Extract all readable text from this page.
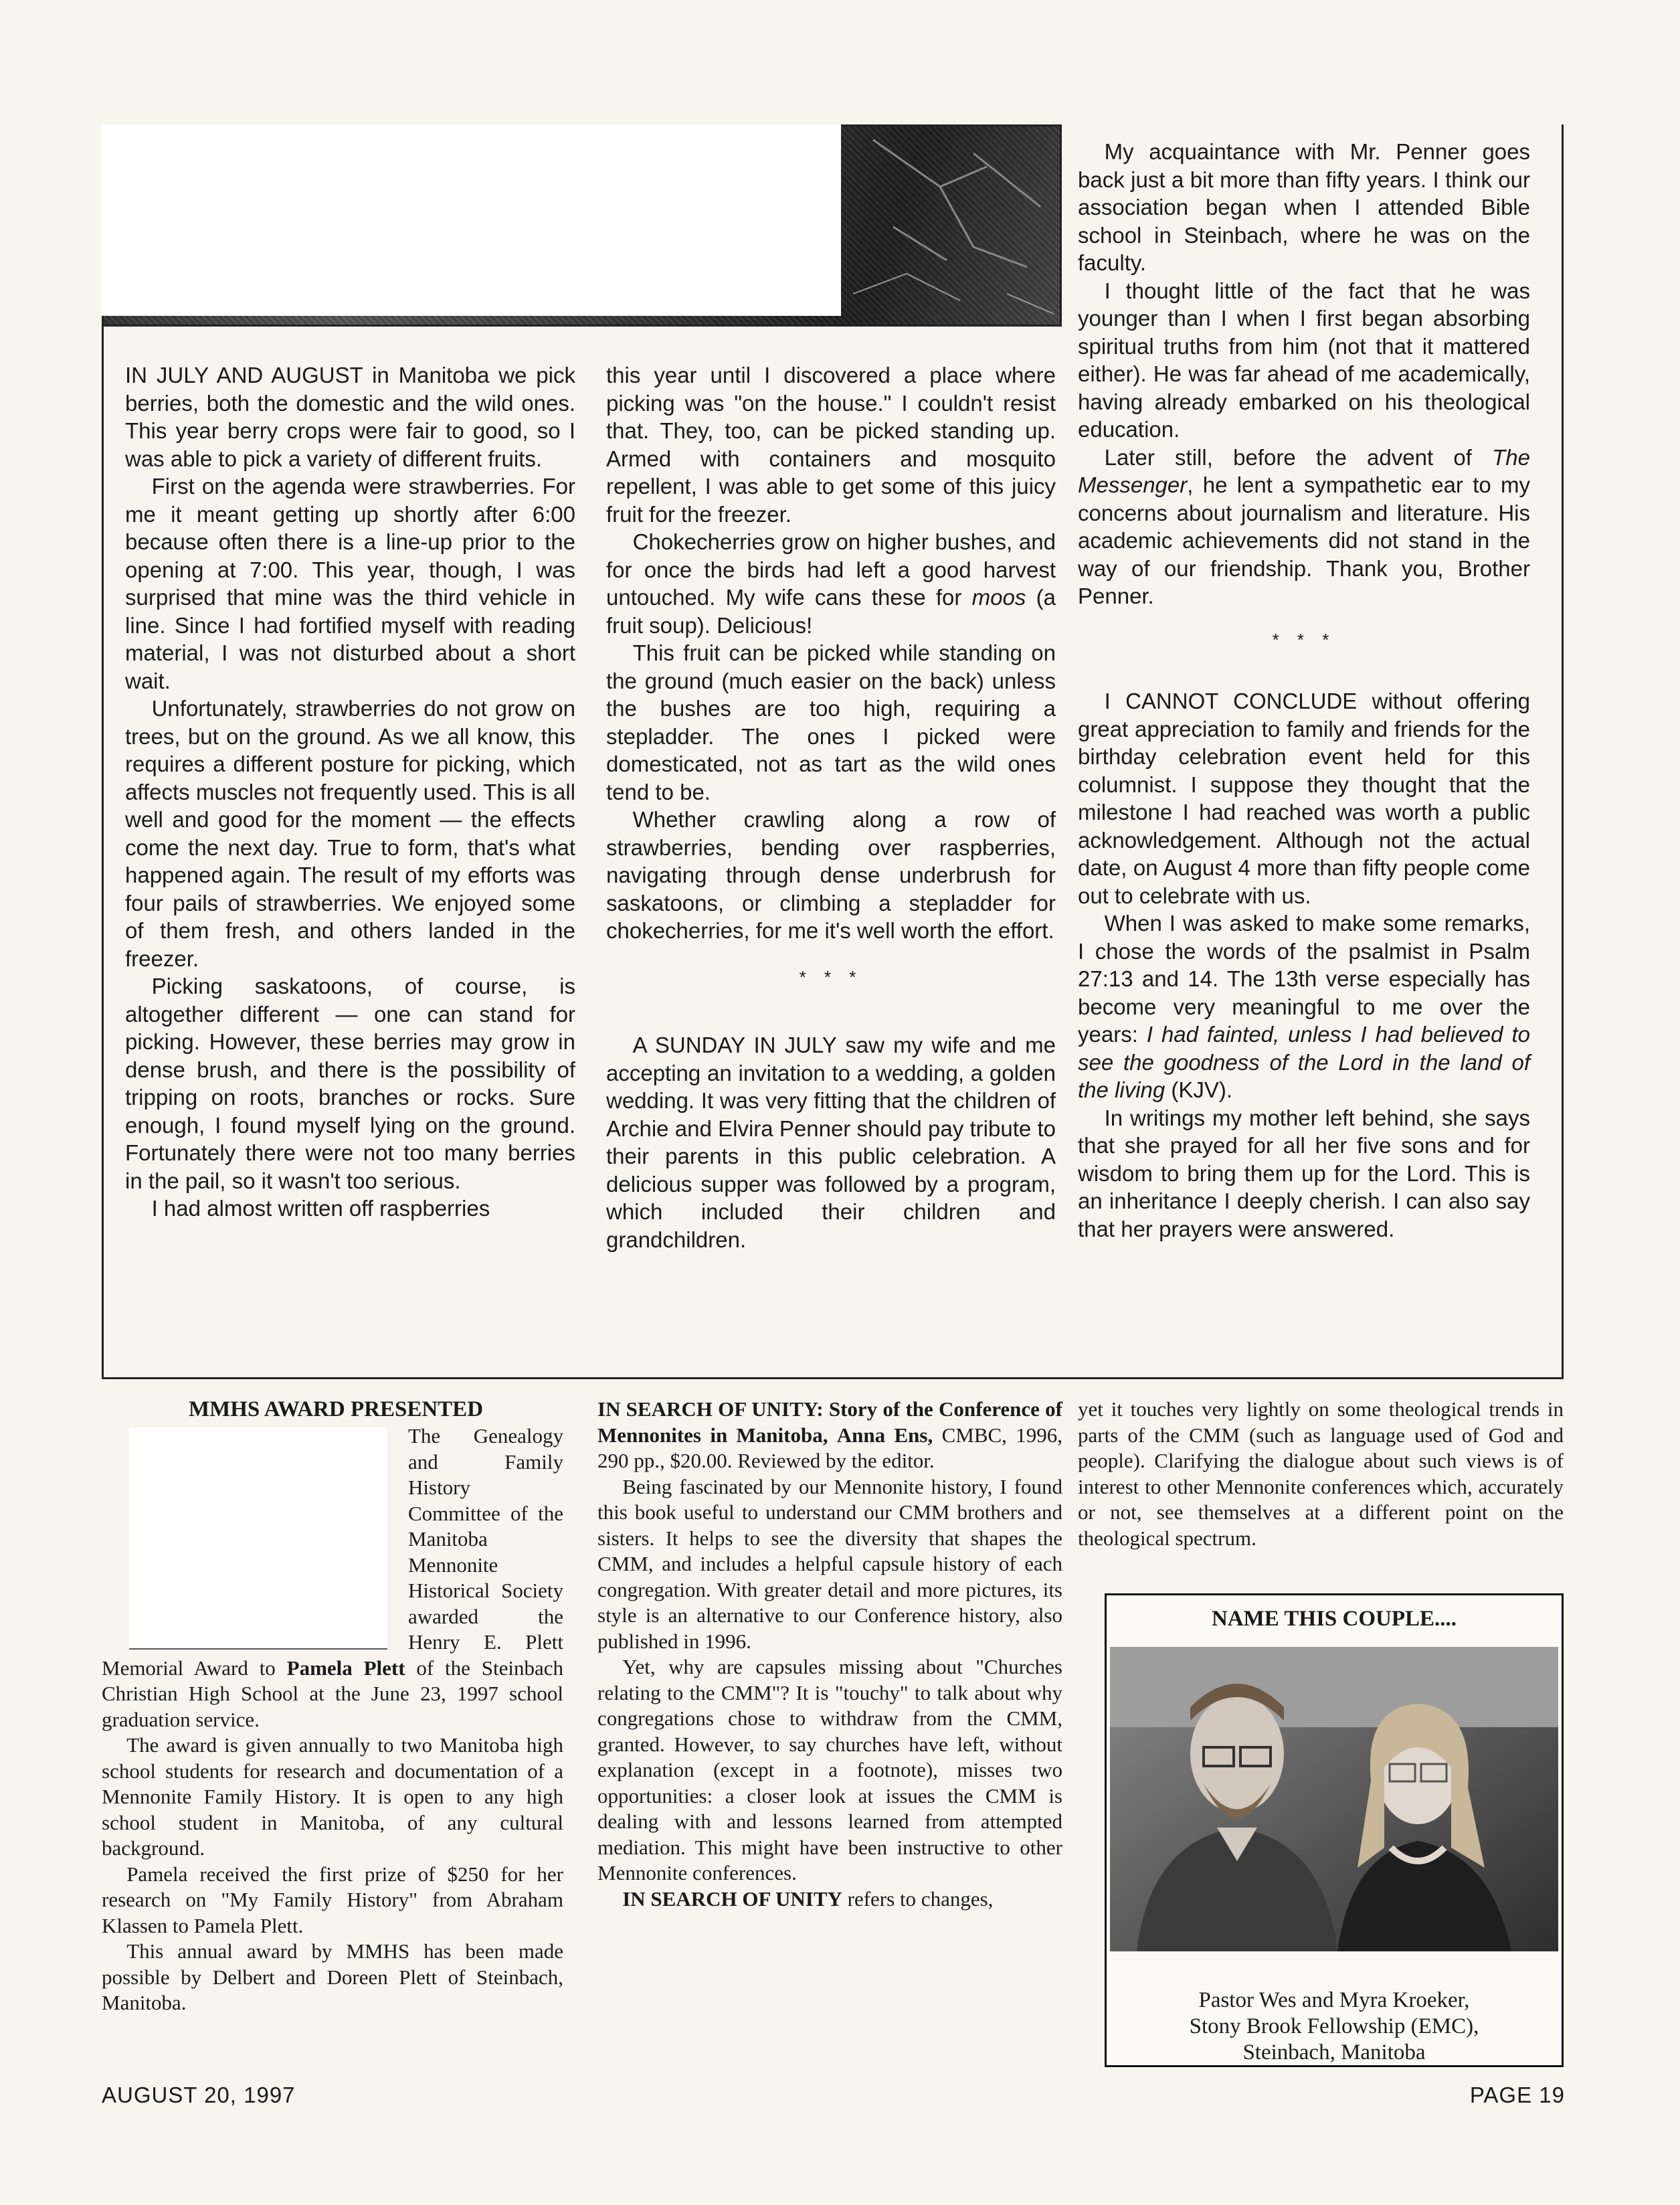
IN JULY AND AUGUST in Manitoba we pick berries, both the domestic and the wild ones. This year berry crops were fair to good, so I was able to pick a variety of different fruits.

First on the agenda were strawberries. For me it meant getting up shortly after 6:00 because often there is a line-up prior to the opening at 7:00. This year, though, I was surprised that mine was the third vehicle in line. Since I had fortified myself with reading material, I was not disturbed about a short wait.

Unfortunately, strawberries do not grow on trees, but on the ground. As we all know, this requires a different posture for picking, which affects muscles not frequently used. This is all well and good for the moment — the effects come the next day. True to form, that's what happened again. The result of my efforts was four pails of strawberries. We enjoyed some of them fresh, and others landed in the freezer.

Picking saskatoons, of course, is altogether different — one can stand for picking. However, these berries may grow in dense brush, and there is the possibility of tripping on roots, branches or rocks. Sure enough, I found myself lying on the ground. Fortunately there were not too many berries in the pail, so it wasn't too serious.

I had almost written off raspberries

this year until I discovered a place where picking was "on the house." I couldn't resist that. They, too, can be picked standing up. Armed with containers and mosquito repellent, I was able to get some of this juicy fruit for the freezer.

Chokecherries grow on higher bushes, and for once the birds had left a good harvest untouched. My wife cans these for moos (a fruit soup). Delicious!

This fruit can be picked while standing on the ground (much easier on the back) unless the bushes are too high, requiring a stepladder. The ones I picked were domesticated, not as tart as the wild ones tend to be.

Whether crawling along a row of strawberries, bending over raspberries, navigating through dense underbrush for saskatoons, or climbing a stepladder for chokecherries, for me it's well worth the effort.

* * *

A SUNDAY IN JULY saw my wife and me accepting an invitation to a wedding, a golden wedding. It was very fitting that the children of Archie and Elvira Penner should pay tribute to their parents in this public celebration. A delicious supper was followed by a program, which included their children and grandchildren.

My acquaintance with Mr. Penner goes back just a bit more than fifty years. I think our association began when I attended Bible school in Steinbach, where he was on the faculty.

I thought little of the fact that he was younger than I when I first began absorbing spiritual truths from him (not that it mattered either). He was far ahead of me academically, having already embarked on his theological education.

Later still, before the advent of The Messenger, he lent a sympathetic ear to my concerns about journalism and literature. His academic achievements did not stand in the way of our friendship. Thank you, Brother Penner.

* * *

I CANNOT CONCLUDE without offering great appreciation to family and friends for the birthday celebration event held for this columnist. I suppose they thought that the milestone I had reached was worth a public acknowledgement. Although not the actual date, on August 4 more than fifty people come out to celebrate with us.

When I was asked to make some remarks, I chose the words of the psalmist in Psalm 27:13 and 14. The 13th verse especially has become very meaningful to me over the years: I had fainted, unless I had believed to see the goodness of the Lord in the land of the living (KJV).

In writings my mother left behind, she says that she prayed for all her five sons and for wisdom to bring them up for the Lord. This is an inheritance I deeply cherish. I can also say that her prayers were answered.

MMHS AWARD PRESENTED

The Genealogy and Family History Committee of the Manitoba Mennonite Historical Society awarded the Henry E. Plett Memorial Award to Pamela Plett of the Steinbach Christian High School at the June 23, 1997 school graduation service.

The award is given annually to two Manitoba high school students for research and documentation of a Mennonite Family History. It is open to any high school student in Manitoba, of any cultural background.

Pamela received the first prize of $250 for her research on "My Family History" from Abraham Klassen to Pamela Plett.

This annual award by MMHS has been made possible by Delbert and Doreen Plett of Steinbach, Manitoba.

IN SEARCH OF UNITY: Story of the Conference of Mennonites in Manitoba, Anna Ens, CMBC, 1996, 290 pp., $20.00. Reviewed by the editor.

Being fascinated by our Mennonite history, I found this book useful to understand our CMM brothers and sisters. It helps to see the diversity that shapes the CMM, and includes a helpful capsule history of each congregation. With greater detail and more pictures, its style is an alternative to our Conference history, also published in 1996.

Yet, why are capsules missing about "Churches relating to the CMM"? It is "touchy" to talk about why congregations chose to withdraw from the CMM, granted. However, to say churches have left, without explanation (except in a footnote), misses two opportunities: a closer look at issues the CMM is dealing with and lessons learned from attempted mediation. This might have been instructive to other Mennonite conferences.

IN SEARCH OF UNITY refers to changes,

yet it touches very lightly on some theological trends in parts of the CMM (such as language used of God and people). Clarifying the dialogue about such views is of interest to other Mennonite conferences which, accurately or not, see themselves at a different point on the theological spectrum.

NAME THIS COUPLE....
Pastor Wes and Myra Kroeker,
Stony Brook Fellowship (EMC),
Steinbach, Manitoba
AUGUST 20, 1997	PAGE 19
